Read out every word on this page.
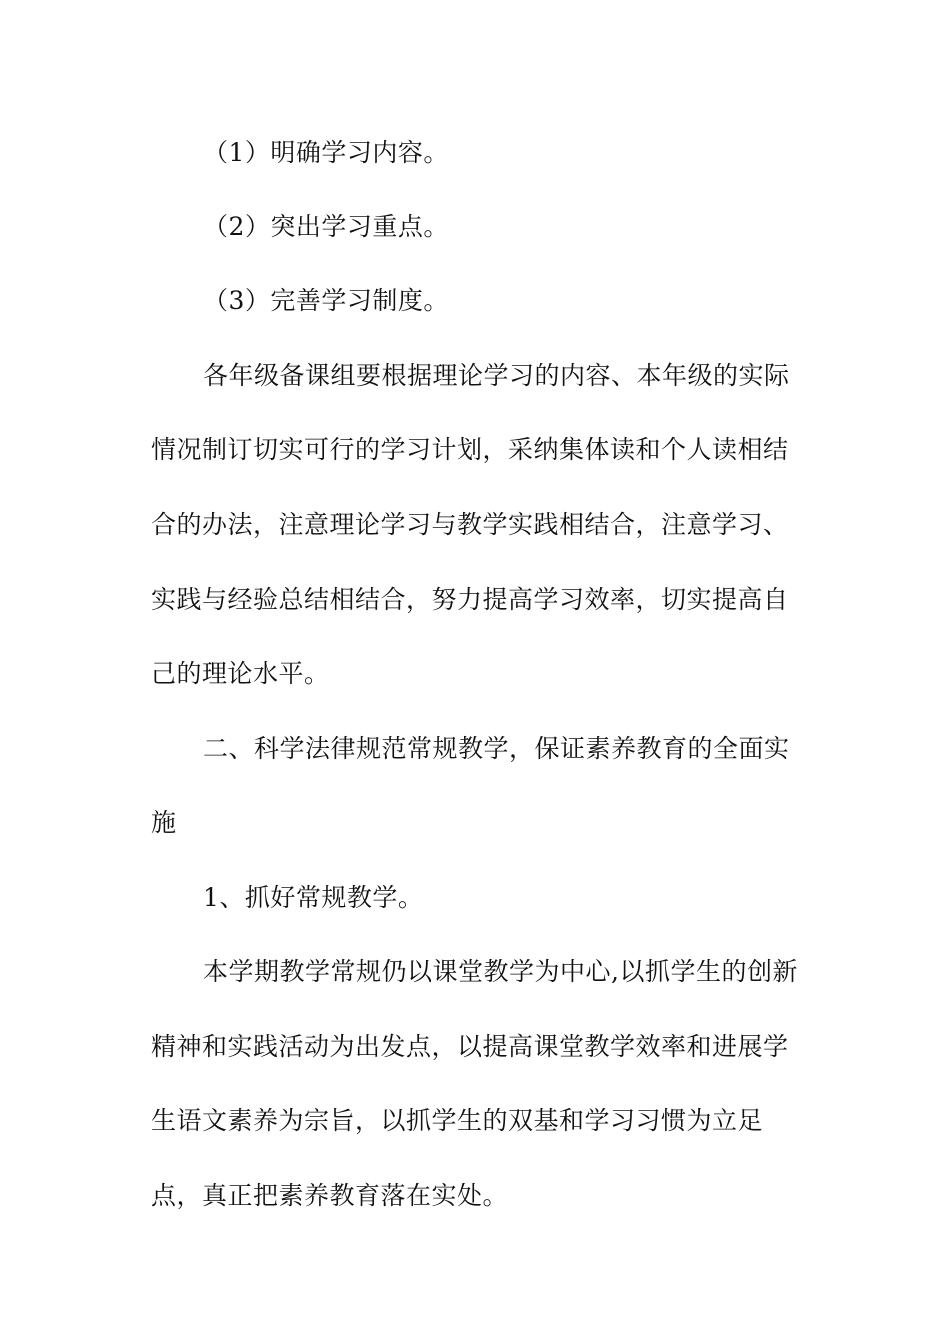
（1）明确学习内容。
（2）突出学习重点。
（3）完善学习制度。
各年级备课组要根据理论学习的内容、本年级的实际
情况制订切实可行的学习计划，采纳集体读和个人读相结
合的办法，注意理论学习与教学实践相结合，注意学习、
实践与经验总结相结合，努力提高学习效率，切实提高自
己的理论水平。
二、科学法律规范常规教学，保证素养教育的全面实
施
1、抓好常规教学。
本学期教学常规仍以课堂教学为中心,以抓学生的创新
精神和实践活动为出发点，以提高课堂教学效率和进展学
生语文素养为宗旨，以抓学生的双基和学习习惯为立足
点，真正把素养教育落在实处。
